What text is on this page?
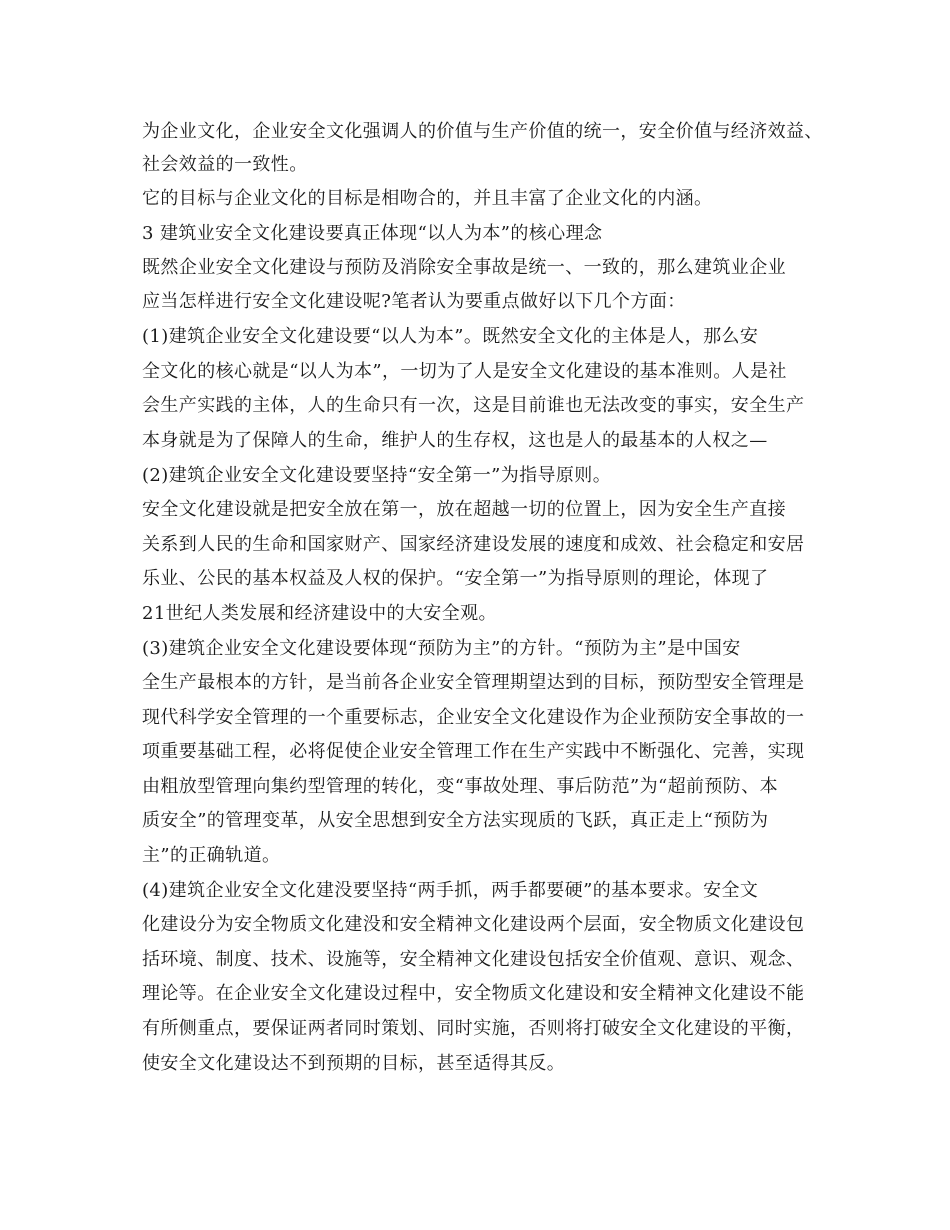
为企业文化，企业安全文化强调人的价值与生产价值的统一，安全价值与经济效益、
社会效益的一致性。
它的目标与企业文化的目标是相吻合的，并且丰富了企业文化的内涵。
3 建筑业安全文化建设要真正体现“以人为本”的核心理念
既然企业安全文化建设与预防及消除安全事故是统一、一致的，那么建筑业企业
应当怎样进行安全文化建设呢?笔者认为要重点做好以下几个方面：
(1)建筑企业安全文化建设要“以人为本”。既然安全文化的主体是人，那么安
全文化的核心就是“以人为本”，一切为了人是安全文化建设的基本准则。人是社
会生产实践的主体，人的生命只有一次，这是目前谁也无法改变的事实，安全生产
本身就是为了保障人的生命，维护人的生存权，这也是人的最基本的人权之—
(2)建筑企业安全文化建设要坚持“安全第一”为指导原则。
安全文化建设就是把安全放在第一，放在超越一切的位置上，因为安全生产直接
关系到人民的生命和国家财产、国家经济建设发展的速度和成效、社会稳定和安居
乐业、公民的基本权益及人权的保护。“安全第一”为指导原则的理论，体现了
21世纪人类发展和经济建设中的大安全观。
(3)建筑企业安全文化建设要体现“预防为主”的方针。“预防为主”是中国安
全生产最根本的方针，是当前各企业安全管理期望达到的目标，预防型安全管理是
现代科学安全管理的一个重要标志，企业安全文化建设作为企业预防安全事故的一
项重要基础工程，必将促使企业安全管理工作在生产实践中不断强化、完善，实现
由粗放型管理向集约型管理的转化，变“事故处理、事后防范”为“超前预防、本
质安全”的管理变革，从安全思想到安全方法实现质的飞跃，真正走上“预防为
主”的正确轨道。
(4)建筑企业安全文化建没要坚持“两手抓，两手都要硬”的基本要求。安全文
化建设分为安全物质文化建没和安全精神文化建设两个层面，安全物质文化建设包
括环境、制度、技术、设施等，安全精神文化建设包括安全价值观、意识、观念、
理论等。在企业安全文化建设过程中，安全物质文化建设和安全精神文化建设不能
有所侧重点，要保证两者同时策划、同时实施，否则将打破安全文化建设的平衡，
使安全文化建设达不到预期的目标，甚至适得其反。
